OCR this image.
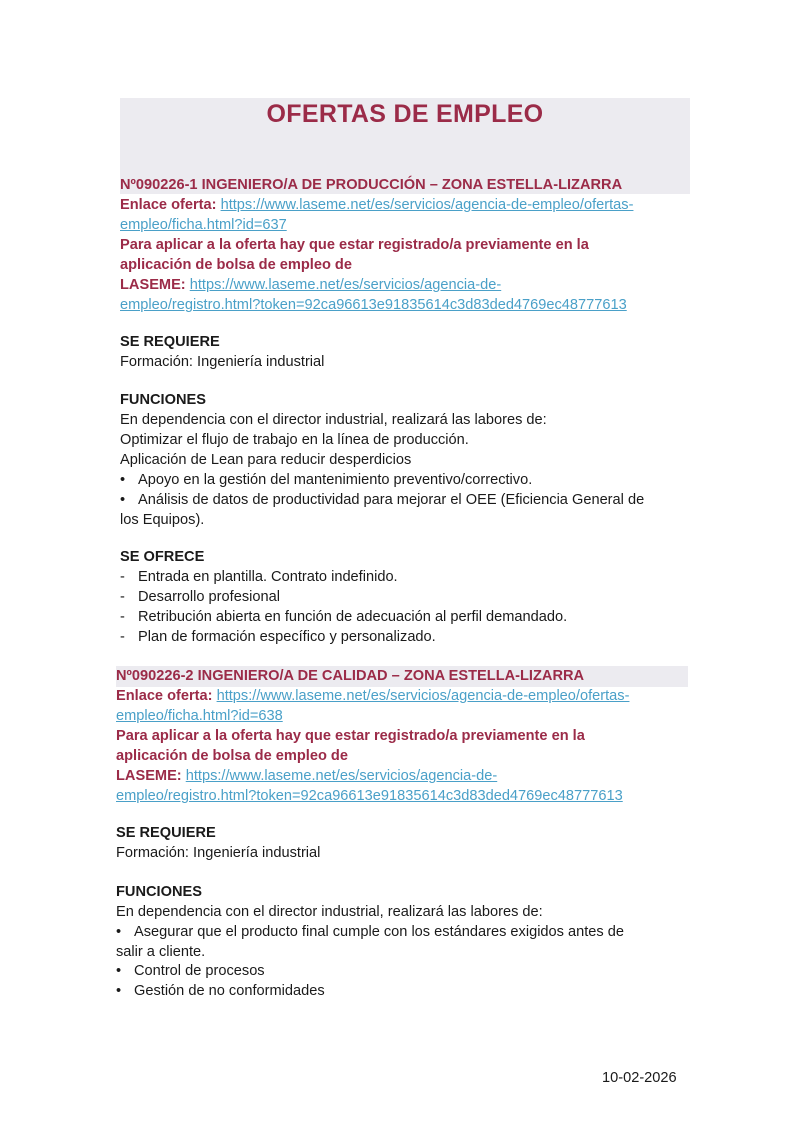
OFERTAS DE EMPLEO
Nº090226-1 INGENIERO/A DE PRODUCCIÓN – ZONA ESTELLA-LIZARRA
Enlace oferta: https://www.laseme.net/es/servicios/agencia-de-empleo/ofertas-
empleo/ficha.html?id=637
Para aplicar a la oferta hay que estar registrado/a previamente en la
aplicación de bolsa de empleo de
LASEME: https://www.laseme.net/es/servicios/agencia-de-
empleo/registro.html?token=92ca96613e91835614c3d83ded4769ec48777613
SE REQUIERE
Formación: Ingeniería industrial
FUNCIONES
En dependencia con el director industrial, realizará las labores de:
Optimizar el flujo de trabajo en la línea de producción.
Aplicación de Lean para reducir desperdicios
• Apoyo en la gestión del mantenimiento preventivo/correctivo.
• Análisis de datos de productividad para mejorar el OEE (Eficiencia General de
los Equipos).
SE OFRECE
- Entrada en plantilla. Contrato indefinido.
- Desarrollo profesional
- Retribución abierta en función de adecuación al perfil demandado.
- Plan de formación específico y personalizado.
Nº090226-2 INGENIERO/A DE CALIDAD – ZONA ESTELLA-LIZARRA
Enlace oferta: https://www.laseme.net/es/servicios/agencia-de-empleo/ofertas-
empleo/ficha.html?id=638
Para aplicar a la oferta hay que estar registrado/a previamente en la
aplicación de bolsa de empleo de
LASEME: https://www.laseme.net/es/servicios/agencia-de-
empleo/registro.html?token=92ca96613e91835614c3d83ded4769ec48777613
SE REQUIERE
Formación: Ingeniería industrial
FUNCIONES
En dependencia con el director industrial, realizará las labores de:
• Asegurar que el producto final cumple con los estándares exigidos antes de
salir a cliente.
• Control de procesos
• Gestión de no conformidades
10-02-2026
